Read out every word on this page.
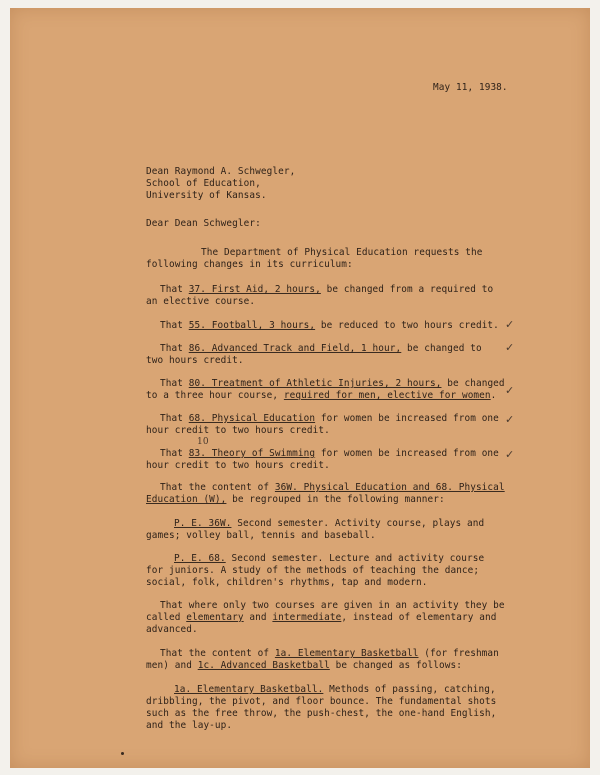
May 11, 1938.
Dean Raymond A. Schwegler,
School of Education,
University of Kansas.
Dear Dean Schwegler:
The Department of Physical Education requests the
following changes in its curriculum:
That 37. First Aid, 2 hours, be changed from a required to
an elective course.
That 55. Football, 3 hours, be reduced to two hours credit. ✓
That 86. Advanced Track and Field, 1 hour, be changed to
two hours credit.
✓
That 80. Treatment of Athletic Injuries, 2 hours, be changed
to a three hour course, required for men, elective for women. ✓
That 68. Physical Education for women be increased from one
hour credit to two hours credit.
✓
10
That 83. Theory of Swimming for women be increased from one
hour credit to two hours credit.
✓
That the content of 36W. Physical Education and 68. Physical
Education (W), be regrouped in the following manner:
P. E. 36W. Second semester. Activity course, plays and
games; volley ball, tennis and baseball.
P. E. 68. Second semester. Lecture and activity course
for juniors. A study of the methods of teaching the dance;
social, folk, children's rhythms, tap and modern.
That where only two courses are given in an activity they be
called elementary and intermediate, instead of elementary and
advanced.
That the content of 1a. Elementary Basketball (for freshman
men) and 1c. Advanced Basketball be changed as follows:
1a. Elementary Basketball. Methods of passing, catching,
dribbling, the pivot, and floor bounce. The fundamental shots
such as the free throw, the push-chest, the one-hand English,
and the lay-up.
